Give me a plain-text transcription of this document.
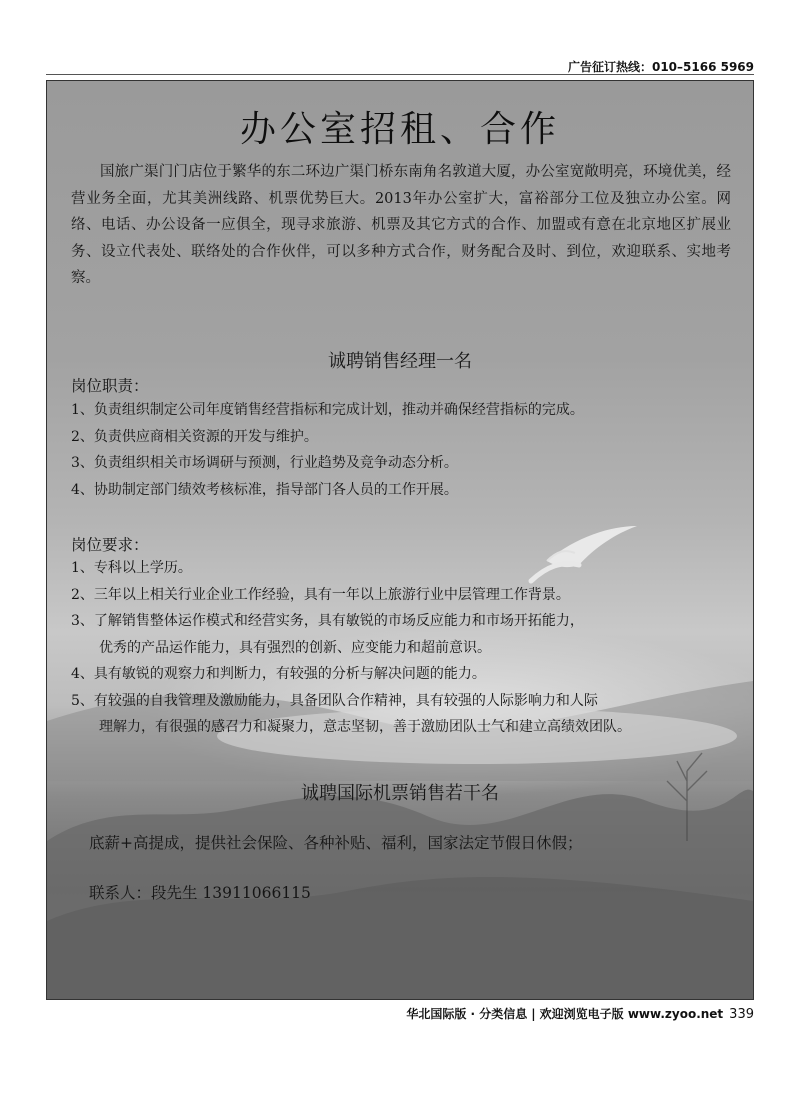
广告征订热线：010–5166 5969
办公室招租、合作
国旅广渠门门店位于繁华的东二环边广渠门桥东南角名敦道大厦，办公室宽敞明亮，环境优美，经营业务全面，尤其美洲线路、机票优势巨大。2013年办公室扩大，富裕部分工位及独立办公室。网络、电话、办公设备一应俱全，现寻求旅游、机票及其它方式的合作、加盟或有意在北京地区扩展业务、设立代表处、联络处的合作伙伴，可以多种方式合作，财务配合及时、到位，欢迎联系、实地考察。
诚聘销售经理一名
岗位职责：
1、负责组织制定公司年度销售经营指标和完成计划，推动并确保经营指标的完成。
2、负责供应商相关资源的开发与维护。
3、负责组织相关市场调研与预测，行业趋势及竞争动态分析。
4、协助制定部门绩效考核标准，指导部门各人员的工作开展。
岗位要求：
1、专科以上学历。
2、三年以上相关行业企业工作经验，具有一年以上旅游行业中层管理工作背景。
3、了解销售整体运作模式和经营实务，具有敏锐的市场反应能力和市场开拓能力，
优秀的产品运作能力，具有强烈的创新、应变能力和超前意识。
4、具有敏锐的观察力和判断力，有较强的分析与解决问题的能力。
5、有较强的自我管理及激励能力，具备团队合作精神，具有较强的人际影响力和人际
理解力，有很强的感召力和凝聚力，意志坚韧，善于激励团队士气和建立高绩效团队。
诚聘国际机票销售若干名
底薪+高提成，提供社会保险、各种补贴、福利，国家法定节假日休假；
联系人：段先生 13911066115
华北国际版 · 分类信息 | 欢迎浏览电子版 www.zyoo.net 339
